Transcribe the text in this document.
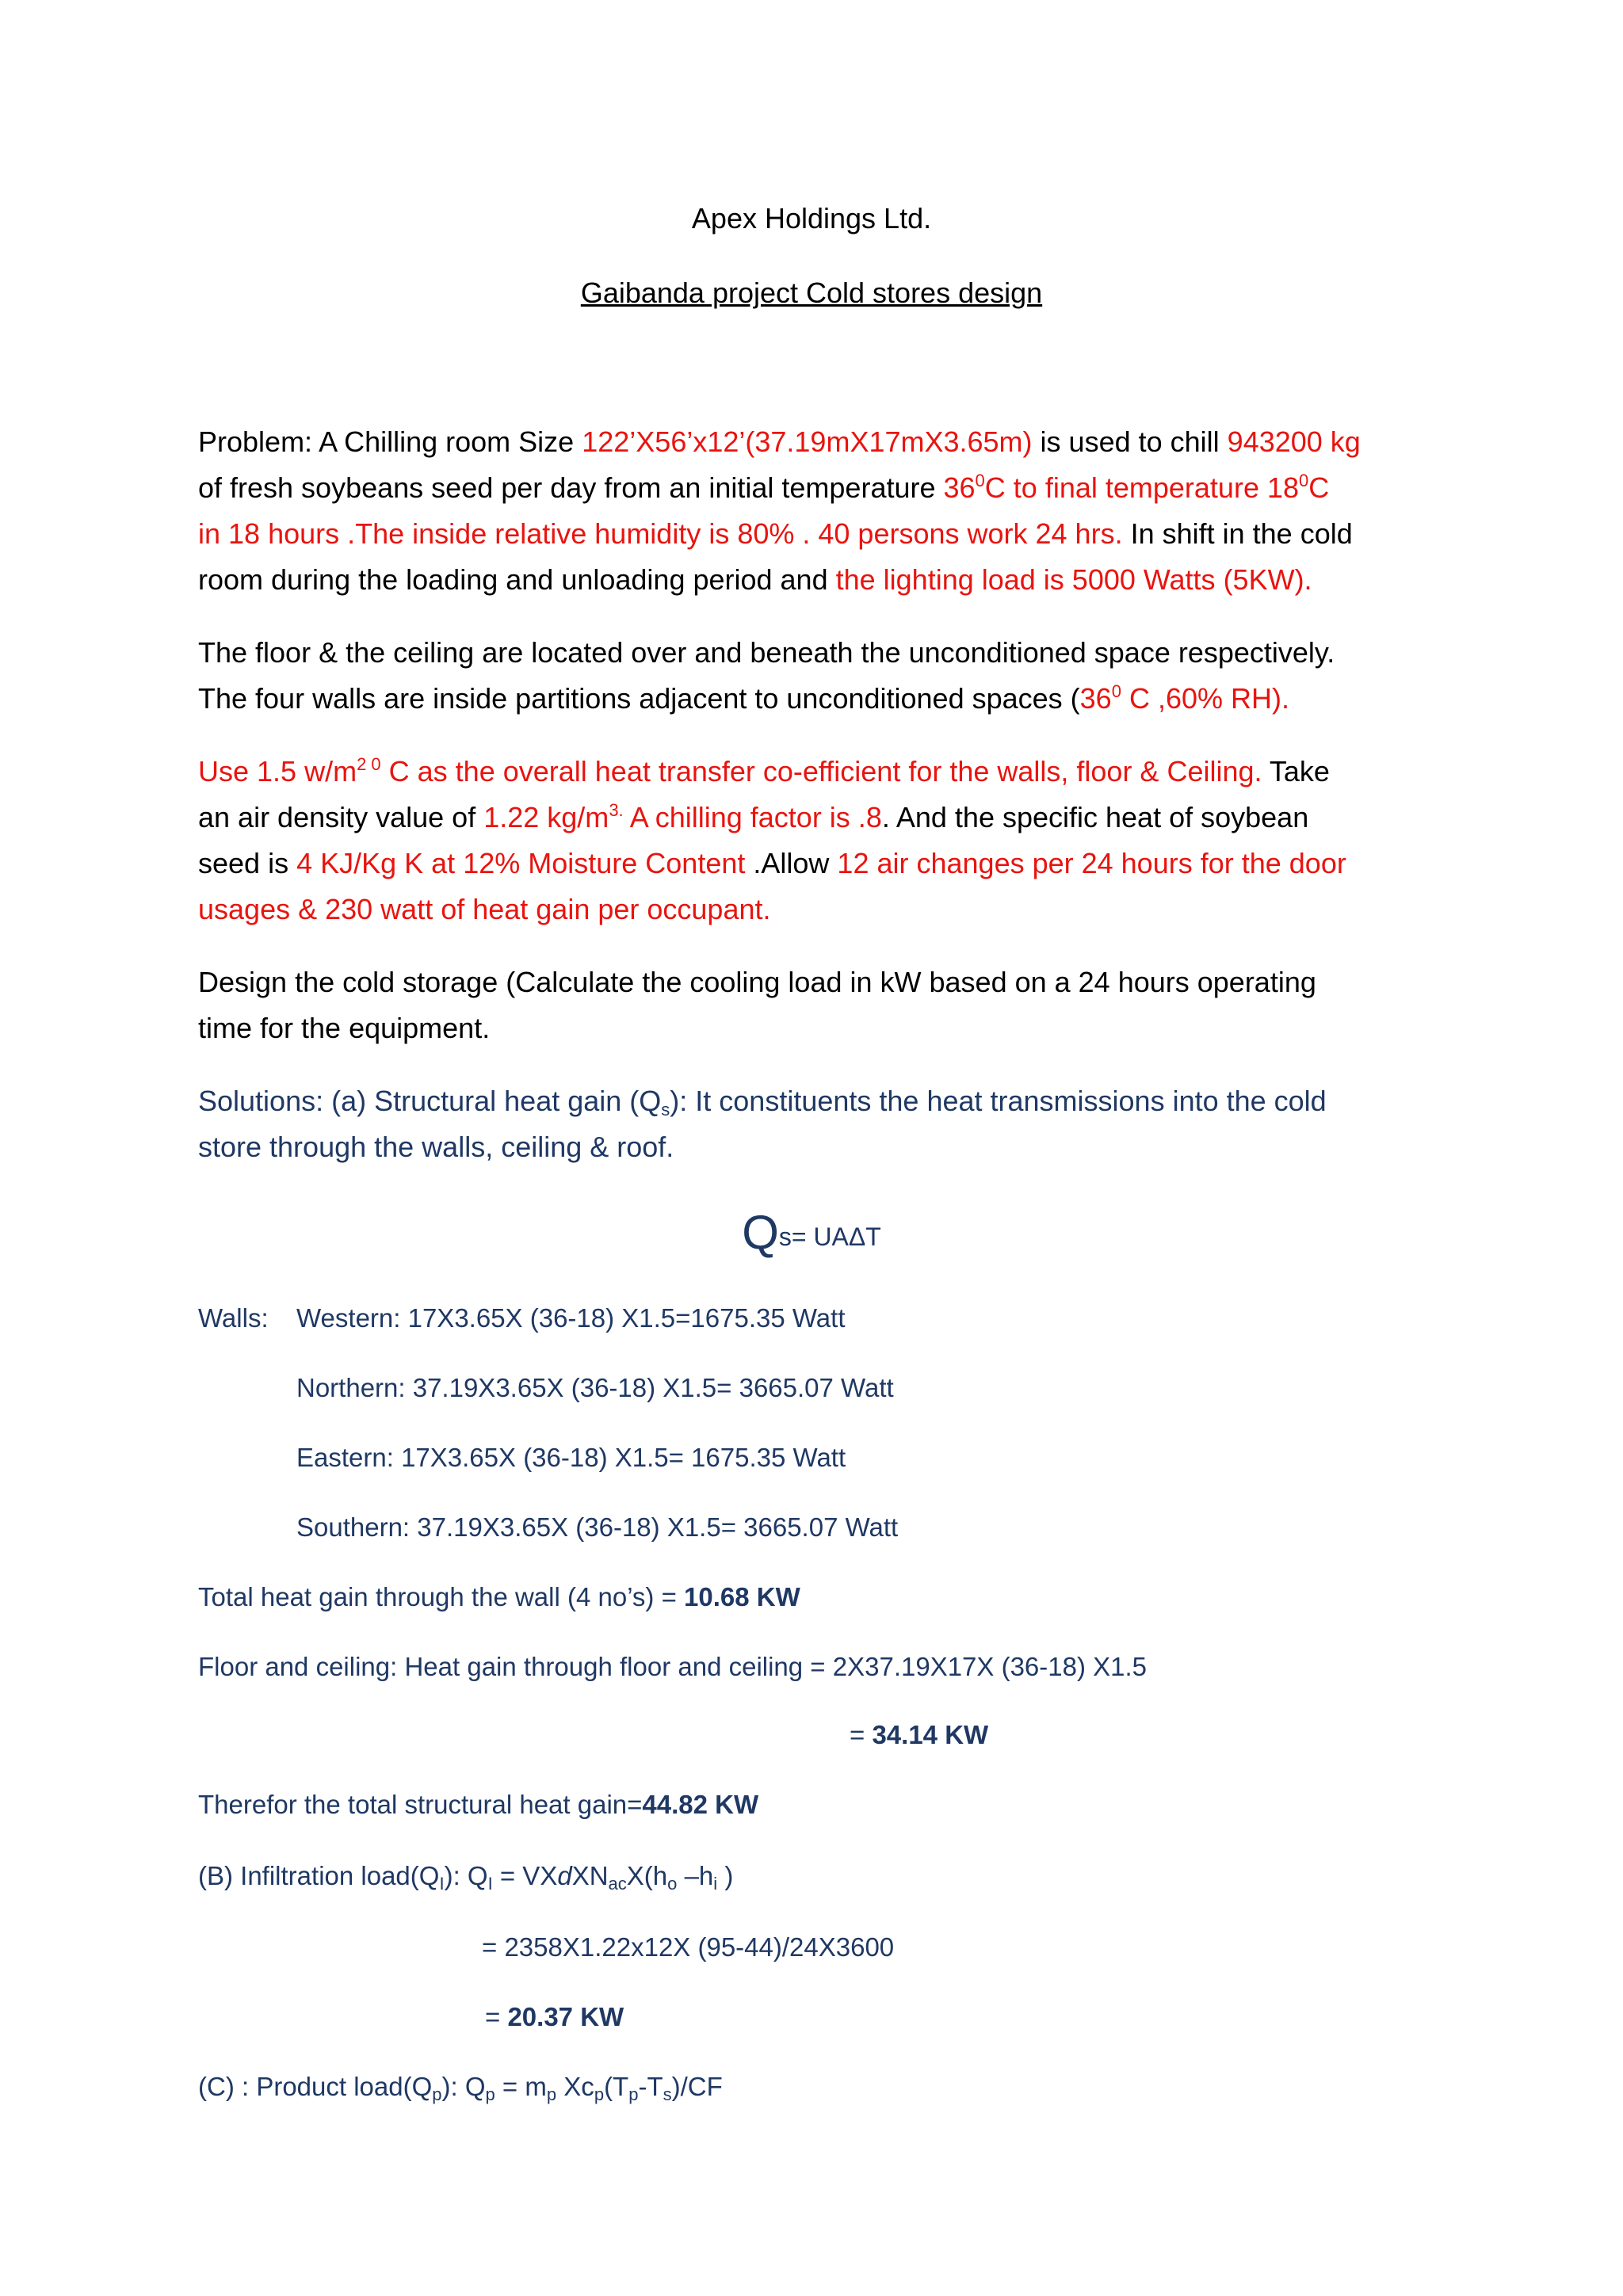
Apex Holdings Ltd.
Gaibanda project Cold stores design
Problem: A Chilling room Size 122’X56’x12’(37.19mX17mX3.65m) is used to chill 943200 kg
of fresh soybeans seed per day from an initial temperature $36^0C$ to final temperature $18^0C$
in 18 hours .The inside relative humidity is 80% . 40 persons work 24 hrs. In shift in the cold
room during the loading and unloading period and the lighting load is 5000 Watts (5KW).
The floor & the ceiling are located over and beneath the unconditioned space respectively.
The four walls are inside partitions adjacent to unconditioned spaces ($36^0$ C ,60% RH).
Use 1.5 $w/m^{2 0}$ C as the overall heat transfer co-efficient for the walls, floor & Ceiling. Take
an air density value of 1.22 $kg/m^{3.}$ A chilling factor is .8. And the specific heat of soybean
seed is 4 KJ/Kg K at 12% Moisture Content .Allow 12 air changes per 24 hours for the door
usages & 230 watt of heat gain per occupant.
Design the cold storage (Calculate the cooling load in kW based on a 24 hours operating
time for the equipment.
Solutions: (a) Structural heat gain $(Q_s)$: It constituents the heat transmissions into the cold
store through the walls, ceiling & roof.
Qs= UAΔT
Walls: Western: 17X3.65X (36-18) X1.5=1675.35 Watt
Northern: 37.19X3.65X (36-18) X1.5= 3665.07 Watt
Eastern: 17X3.65X (36-18) X1.5= 1675.35 Watt
Southern: 37.19X3.65X (36-18) X1.5= 3665.07 Watt
Total heat gain through the wall (4 no’s) = 10.68 KW
Floor and ceiling: Heat gain through floor and ceiling = 2X37.19X17X (36-18) X1.5
= 34.14 KW
Therefor the total structural heat gain=44.82 KW
(B) Infiltration $load(Q_I)$: $Q_I$ = $VXdXN_{ac}X(h_o$ $-h_i$ )
= 2358X1.22x12X (95-44)/24X3600
= 20.37 KW
(C) : Product $load(Q_p)$: $Q_p = m_p$ $Xc_p(T_p-T_s)/CF$
